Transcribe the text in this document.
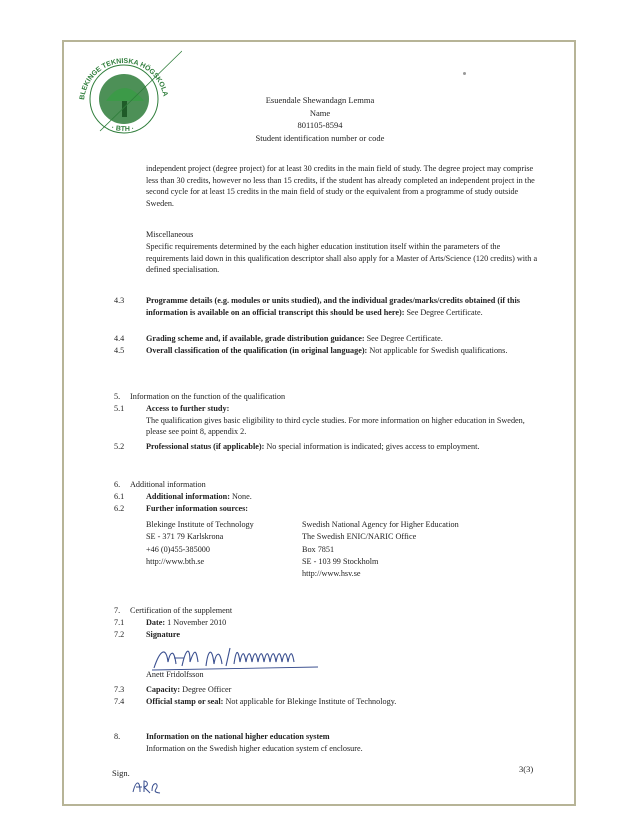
BLEKINGE TEKNISKA HÖGSKOLA
· BTH ·
Esuendale Shewandagn Lemma
Name
801105-8594
Student identification number or code
independent project (degree project) for at least 30 credits in the main field of study. The degree project may comprise less than 30 credits, however no less than 15 credits, if the student has already completed an independent project in the second cycle for at least 15 credits in the main field of study or the equivalent from a programme of study outside Sweden.
Miscellaneous
Specific requirements determined by the each higher education institution itself within the parameters of the requirements laid down in this qualification descriptor shall also apply for a Master of Arts/Science (120 credits) with a defined specialisation.
4.3	Programme details (e.g. modules or units studied), and the individual grades/marks/credits obtained (if this information is available on an official transcript this should be used here): See Degree Certificate.
4.4	Grading scheme and, if available, grade distribution guidance: See Degree Certificate.
4.5	Overall classification of the qualification (in original language): Not applicable for Swedish qualifications.
5. Information on the function of the qualification
5.1	Access to further study:
The qualification gives basic eligibility to third cycle studies. For more information on higher education in Sweden, please see point 8, appendix 2.
5.2	Professional status (if applicable): No special information is indicated; gives access to employment.
6. Additional information
6.1	Additional information: None.
6.2	Further information sources:
Blekinge Institute of Technology
SE - 371 79 Karlskrona
+46 (0)455-385000
http://www.bth.se
Swedish National Agency for Higher Education
The Swedish ENIC/NARIC Office
Box 7851
SE - 103 99 Stockholm
http://www.hsv.se
7. Certification of the supplement
7.1	Date: 1 November 2010
7.2	Signature
Anett Fridolfsson
7.3	Capacity: Degree Officer
7.4	Official stamp or seal: Not applicable for Blekinge Institute of Technology.
8.	Information on the national higher education system
Information on the Swedish higher education system cf enclosure.
Sign.	3(3)
